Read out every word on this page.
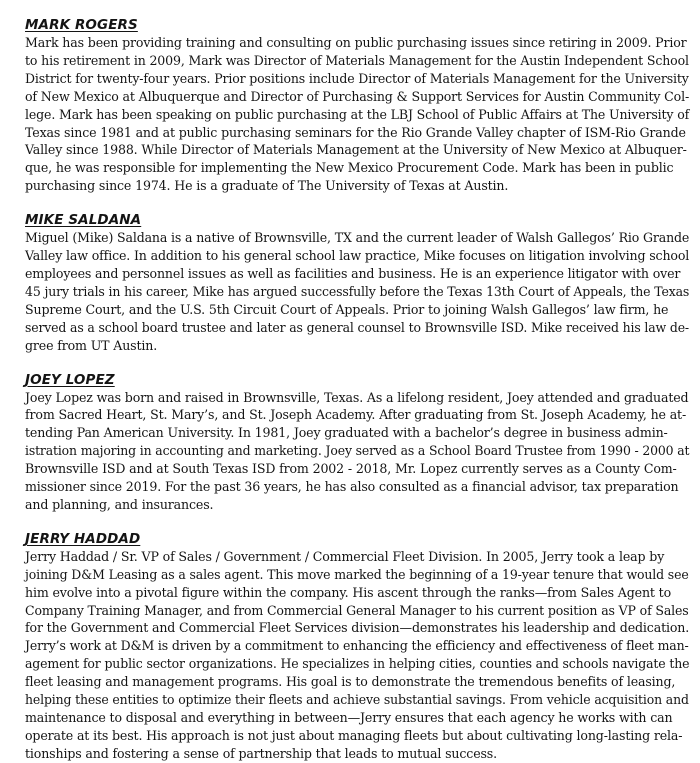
MARK ROGERS
Mark has been providing training and consulting on public purchasing issues since retiring in 2009. Prior
to his retirement in 2009, Mark was Director of Materials Management for the Austin Independent School
District for twenty-four years. Prior positions include Director of Materials Management for the University
of New Mexico at Albuquerque and Director of Purchasing & Support Services for Austin Community Col-
lege. Mark has been speaking on public purchasing at the LBJ School of Public Affairs at The University of
Texas since 1981 and at public purchasing seminars for the Rio Grande Valley chapter of ISM-Rio Grande
Valley since 1988. While Director of Materials Management at the University of New Mexico at Albuquer-
que, he was responsible for implementing the New Mexico Procurement Code. Mark has been in public
purchasing since 1974. He is a graduate of The University of Texas at Austin.
MIKE SALDANA
Miguel (Mike) Saldana is a native of Brownsville, TX and the current leader of Walsh Gallegos’ Rio Grande
Valley law office. In addition to his general school law practice, Mike focuses on litigation involving school
employees and personnel issues as well as facilities and business. He is an experience litigator with over
45 jury trials in his career, Mike has argued successfully before the Texas 13th Court of Appeals, the Texas
Supreme Court, and the U.S. 5th Circuit Court of Appeals. Prior to joining Walsh Gallegos’ law firm, he
served as a school board trustee and later as general counsel to Brownsville ISD. Mike received his law de-
gree from UT Austin.
JOEY LOPEZ
Joey Lopez was born and raised in Brownsville, Texas. As a lifelong resident, Joey attended and graduated
from Sacred Heart, St. Mary’s, and St. Joseph Academy. After graduating from St. Joseph Academy, he at-
tending Pan American University. In 1981, Joey graduated with a bachelor’s degree in business admin-
istration majoring in accounting and marketing. Joey served as a School Board Trustee from 1990 - 2000 at
Brownsville ISD and at South Texas ISD from 2002 - 2018, Mr. Lopez currently serves as a County Com-
missioner since 2019. For the past 36 years, he has also consulted as a financial advisor, tax preparation
and planning, and insurances.
JERRY HADDAD
Jerry Haddad / Sr. VP of Sales / Government / Commercial Fleet Division. In 2005, Jerry took a leap by
joining D&M Leasing as a sales agent. This move marked the beginning of a 19-year tenure that would see
him evolve into a pivotal figure within the company. His ascent through the ranks—from Sales Agent to
Company Training Manager, and from Commercial General Manager to his current position as VP of Sales
for the Government and Commercial Fleet Services division—demonstrates his leadership and dedication.
Jerry’s work at D&M is driven by a commitment to enhancing the efficiency and effectiveness of fleet man-
agement for public sector organizations. He specializes in helping cities, counties and schools navigate the
fleet leasing and management programs. His goal is to demonstrate the tremendous benefits of leasing,
helping these entities to optimize their fleets and achieve substantial savings. From vehicle acquisition and
maintenance to disposal and everything in between—Jerry ensures that each agency he works with can
operate at its best. His approach is not just about managing fleets but about cultivating long-lasting rela-
tionships and fostering a sense of partnership that leads to mutual success.
